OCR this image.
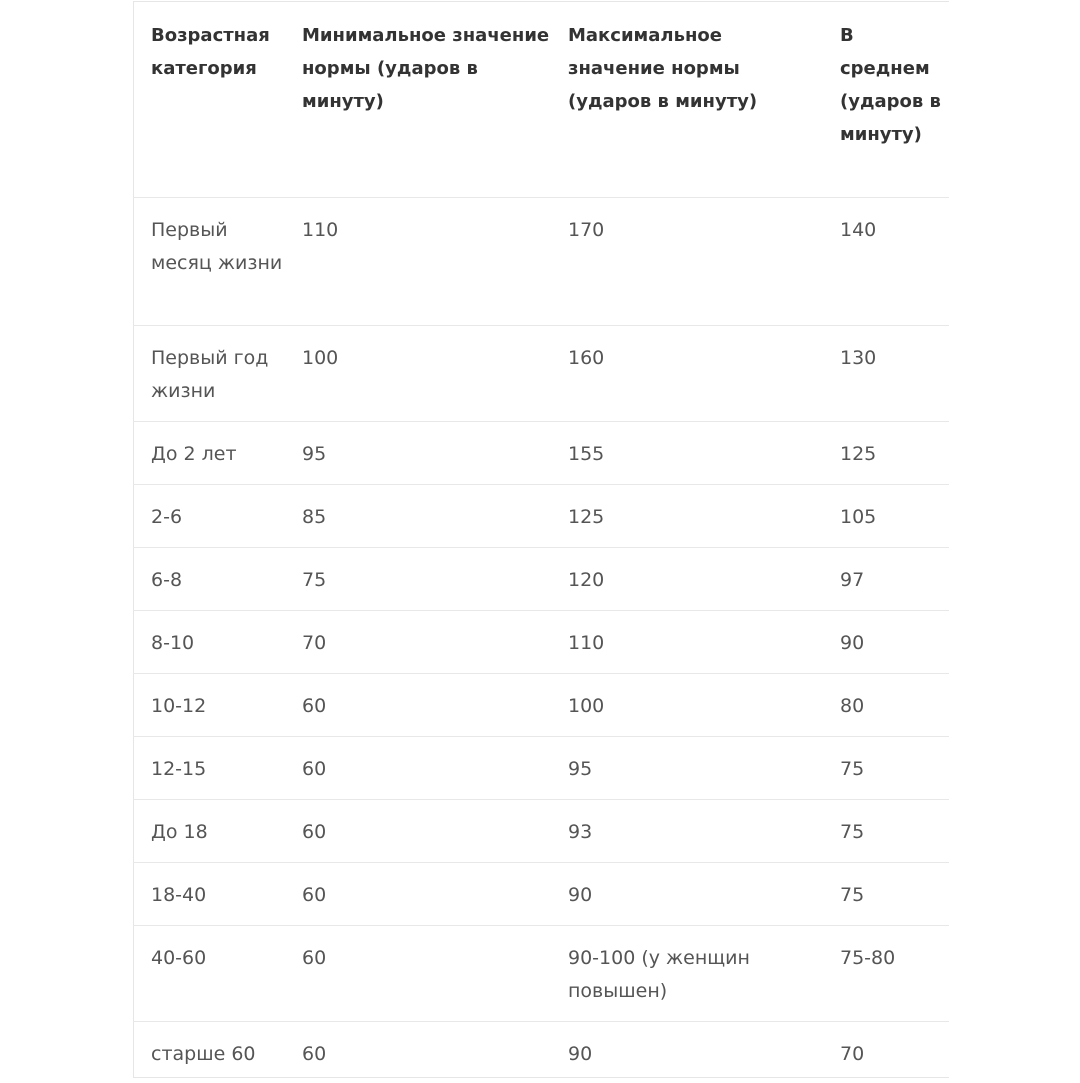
Возрастная категория	Минимальное значение нормы (ударов в минуту)	Максимальное значение нормы (ударов в минуту)	В среднем (ударов в минуту)
Первый месяц жизни	110	170	140
Первый год жизни	100	160	130
До 2 лет	95	155	125
2-6	85	125	105
6-8	75	120	97
8-10	70	110	90
10-12	60	100	80
12-15	60	95	75
До 18	60	93	75
18-40	60	90	75
40-60	60	90-100 (у женщин повышен)	75-80
старше 60	60	90	70
